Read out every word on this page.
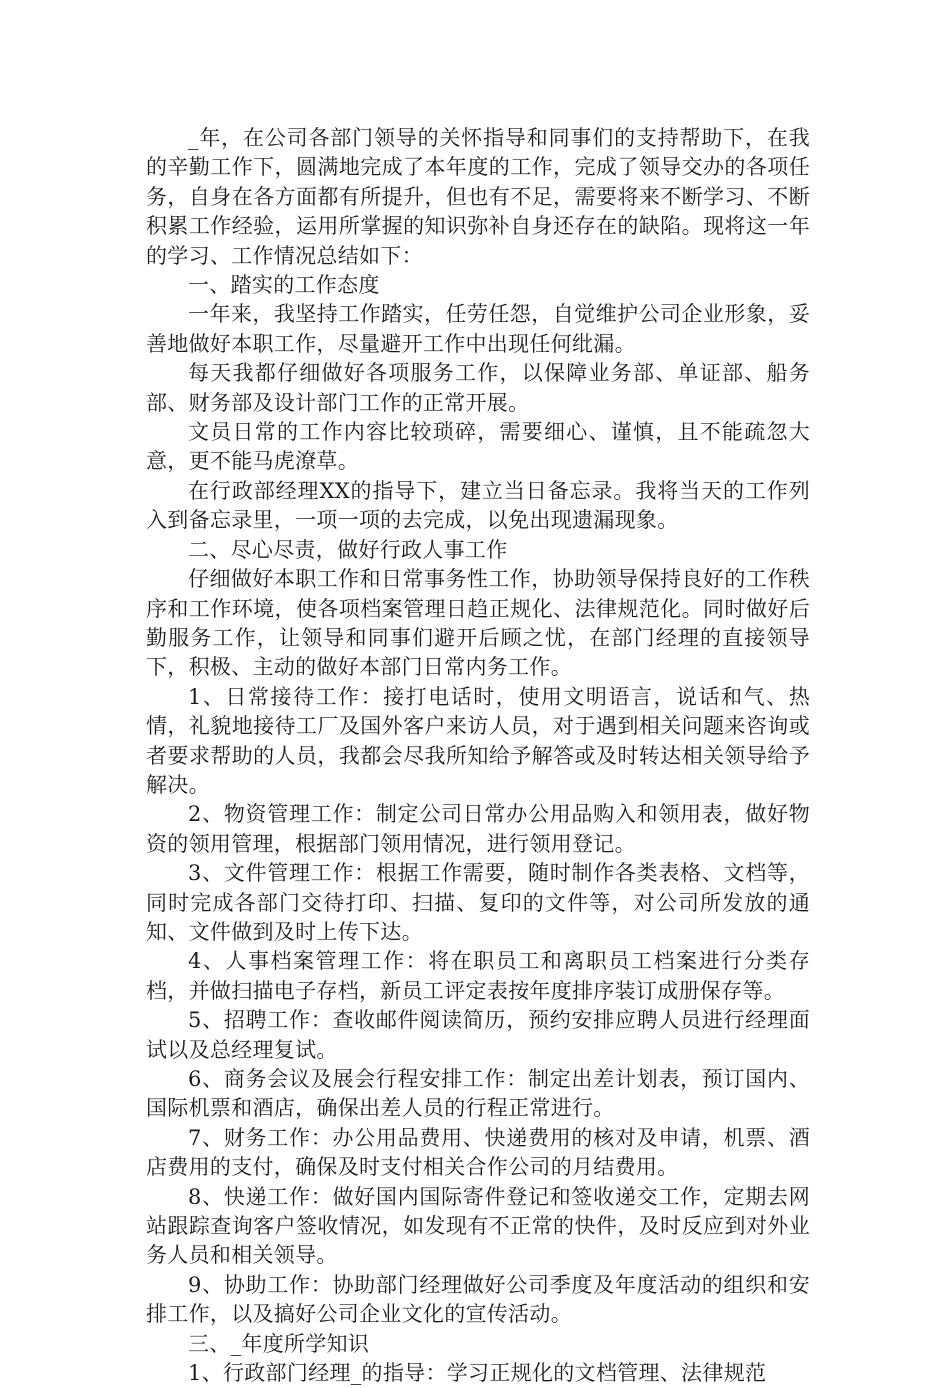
_年，在公司各部门领导的关怀指导和同事们的支持帮助下，在我的辛勤工作下，圆满地完成了本年度的工作，完成了领导交办的各项任务，自身在各方面都有所提升，但也有不足，需要将来不断学习、不断积累工作经验，运用所掌握的知识弥补自身还存在的缺陷。现将这一年的学习、工作情况总结如下：

一、踏实的工作态度

一年来，我坚持工作踏实，任劳任怨，自觉维护公司企业形象，妥善地做好本职工作，尽量避开工作中出现任何纰漏。

每天我都仔细做好各项服务工作，以保障业务部、单证部、船务部、财务部及设计部门工作的正常开展。

文员日常的工作内容比较琐碎，需要细心、谨慎，且不能疏忽大意，更不能马虎潦草。

在行政部经理XX的指导下，建立当日备忘录。我将当天的工作列入到备忘录里，一项一项的去完成，以免出现遗漏现象。

二、尽心尽责，做好行政人事工作

仔细做好本职工作和日常事务性工作，协助领导保持良好的工作秩序和工作环境，使各项档案管理日趋正规化、法律规范化。同时做好后勤服务工作，让领导和同事们避开后顾之忧，在部门经理的直接领导下，积极、主动的做好本部门日常内务工作。

1、日常接待工作：接打电话时，使用文明语言，说话和气、热情，礼貌地接待工厂及国外客户来访人员，对于遇到相关问题来咨询或者要求帮助的人员，我都会尽我所知给予解答或及时转达相关领导给予解决。

2、物资管理工作：制定公司日常办公用品购入和领用表，做好物资的领用管理，根据部门领用情况，进行领用登记。

3、文件管理工作：根据工作需要，随时制作各类表格、文档等，同时完成各部门交待打印、扫描、复印的文件等，对公司所发放的通知、文件做到及时上传下达。

4、人事档案管理工作：将在职员工和离职员工档案进行分类存档，并做扫描电子存档，新员工评定表按年度排序装订成册保存等。

5、招聘工作：查收邮件阅读简历，预约安排应聘人员进行经理面试以及总经理复试。

6、商务会议及展会行程安排工作：制定出差计划表，预订国内、国际机票和酒店，确保出差人员的行程正常进行。

7、财务工作：办公用品费用、快递费用的核对及申请，机票、酒店费用的支付，确保及时支付相关合作公司的月结费用。

8、快递工作：做好国内国际寄件登记和签收递交工作，定期去网站跟踪查询客户签收情况，如发现有不正常的快件，及时反应到对外业务人员和相关领导。

9、协助工作：协助部门经理做好公司季度及年度活动的组织和安排工作，以及搞好公司企业文化的宣传活动。

三、_年度所学知识

1、行政部门经理_的指导：学习正规化的文档管理、法律规范
